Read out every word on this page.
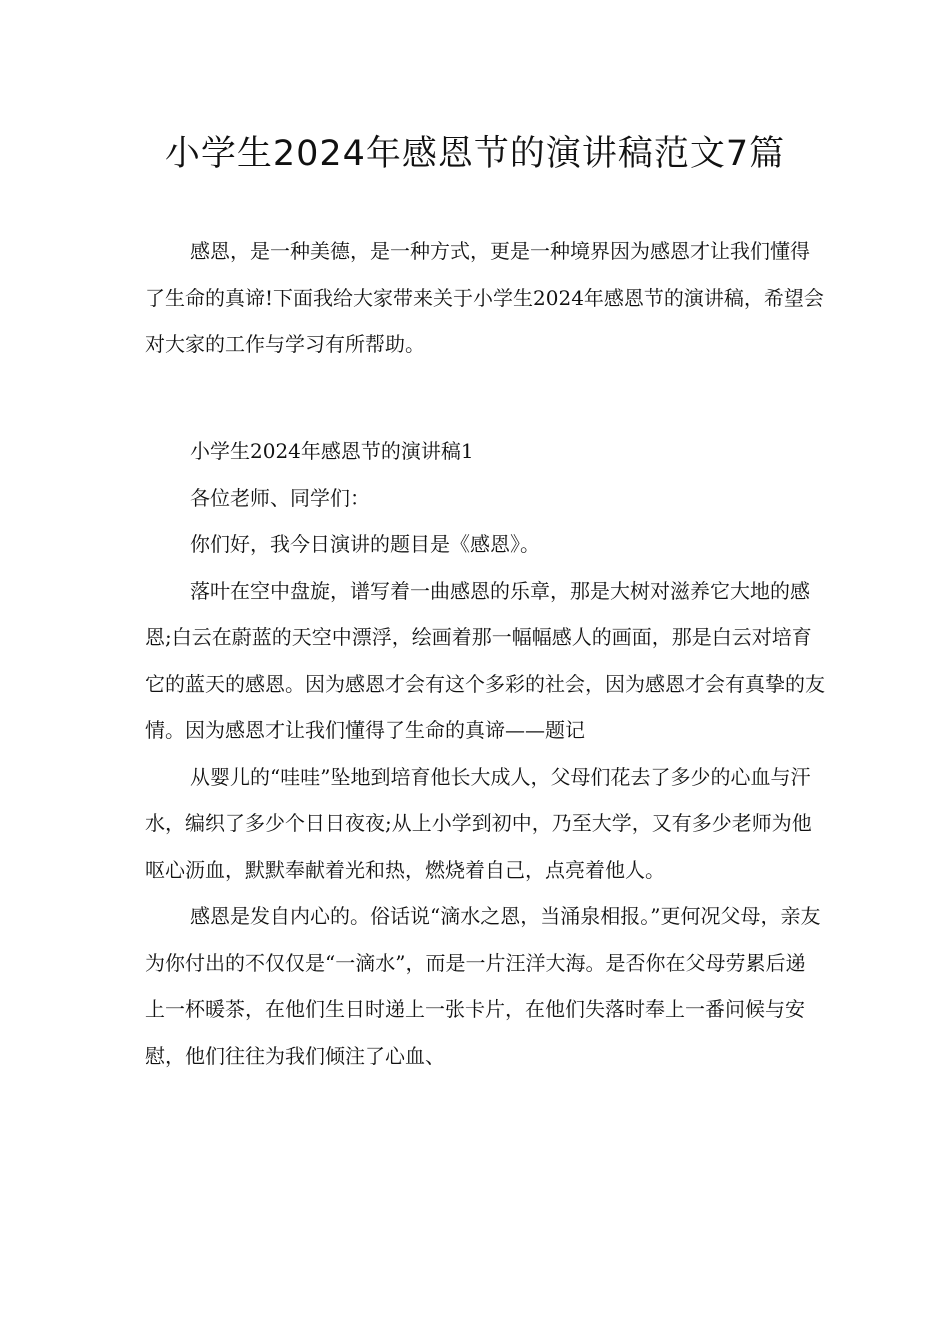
小学生2024年感恩节的演讲稿范文7篇

感恩，是一种美德，是一种方式，更是一种境界因为感恩才让我们懂得了生命的真谛!下面我给大家带来关于小学生2024年感恩节的演讲稿，希望会对大家的工作与学习有所帮助。

小学生2024年感恩节的演讲稿1

各位老师、同学们：

你们好，我今日演讲的题目是《感恩》。

落叶在空中盘旋，谱写着一曲感恩的乐章，那是大树对滋养它大地的感恩;白云在蔚蓝的天空中漂浮，绘画着那一幅幅感人的画面，那是白云对培育它的蓝天的感恩。因为感恩才会有这个多彩的社会，因为感恩才会有真挚的友情。因为感恩才让我们懂得了生命的真谛——题记

从婴儿的“哇哇”坠地到培育他长大成人，父母们花去了多少的心血与汗水，编织了多少个日日夜夜;从上小学到初中，乃至大学，又有多少老师为他呕心沥血，默默奉献着光和热，燃烧着自己，点亮着他人。

感恩是发自内心的。俗话说“滴水之恩，当涌泉相报。”更何况父母，亲友为你付出的不仅仅是“一滴水”，而是一片汪洋大海。是否你在父母劳累后递上一杯暖茶，在他们生日时递上一张卡片，在他们失落时奉上一番问候与安慰，他们往往为我们倾注了心血、
